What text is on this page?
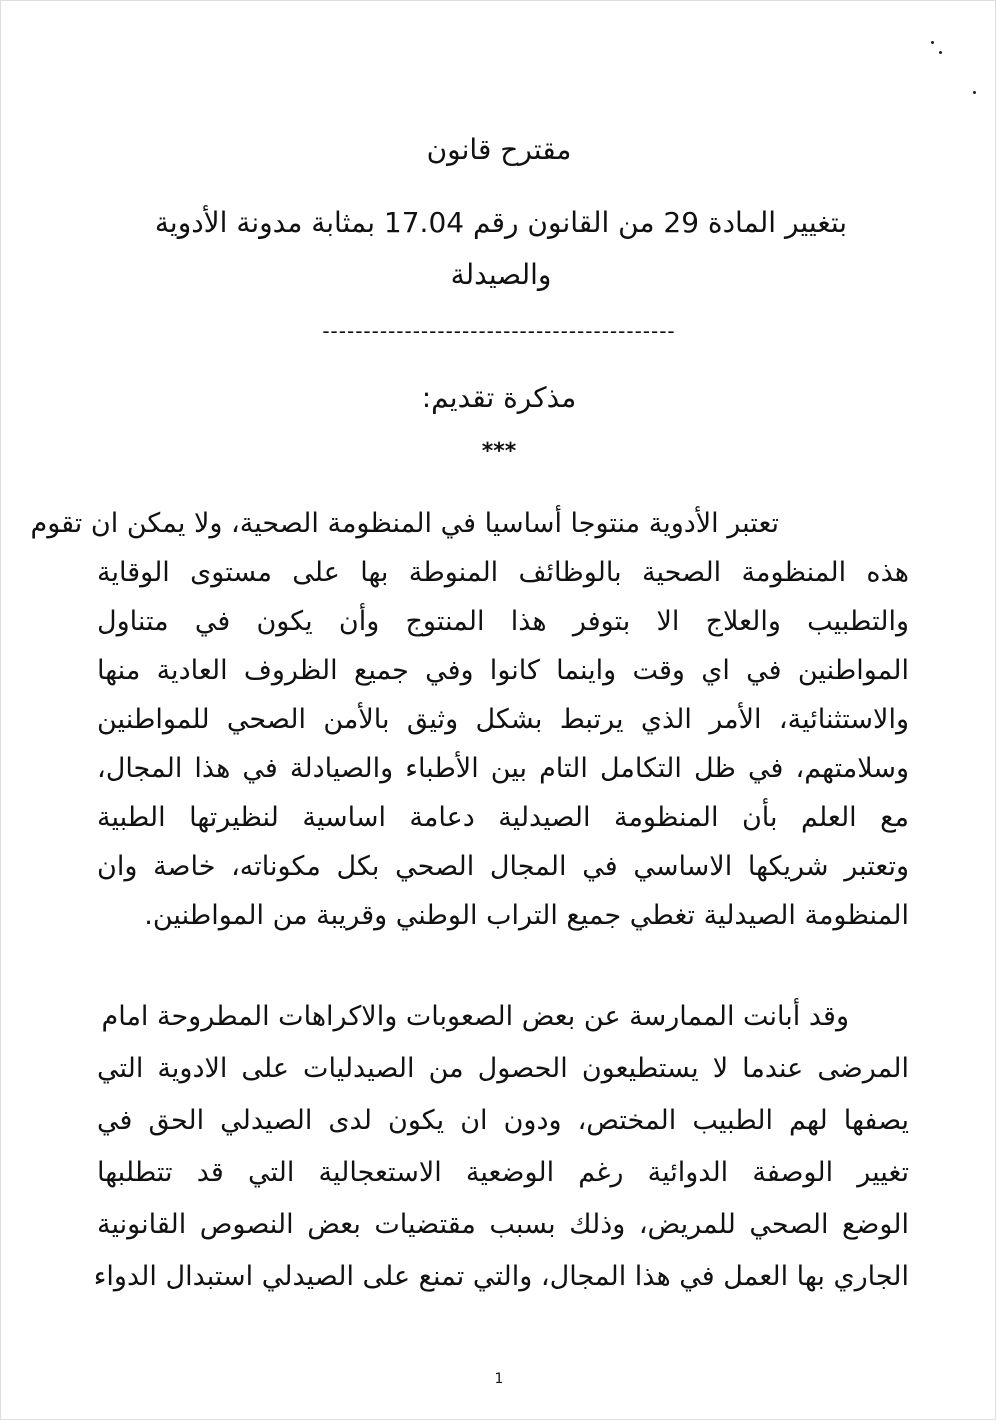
مقترح قانون
بتغيير المادة 29 من القانون رقم 17.04 بمثابة مدونة الأدوية والصيدلة
-------------------------------------------
مذكرة تقديم:
***
تعتبر الأدوية منتوجا أساسيا في المنظومة الصحية، ولا يمكن ان تقوم
هذه المنظومة الصحية بالوظائف المنوطة بها على مستوى الوقاية
والتطبيب والعلاج الا بتوفر هذا المنتوج وأن يكون في متناول
المواطنين في اي وقت واينما كانوا وفي جميع الظروف العادية منها
والاستثنائية، الأمر الذي يرتبط بشكل وثيق بالأمن الصحي للمواطنين
وسلامتهم، في ظل التكامل التام بين الأطباء والصيادلة في هذا المجال،
مع العلم بأن المنظومة الصيدلية دعامة اساسية لنظيرتها الطبية
وتعتبر شريكها الاساسي في المجال الصحي بكل مكوناته، خاصة وان
المنظومة الصيدلية تغطي جميع التراب الوطني وقريبة من المواطنين.
وقد أبانت الممارسة عن بعض الصعوبات والاكراهات المطروحة امام
المرضى عندما لا يستطيعون الحصول من الصيدليات على الادوية التي
يصفها لهم الطبيب المختص، ودون ان يكون لدى الصيدلي الحق في
تغيير الوصفة الدوائية رغم الوضعية الاستعجالية التي قد تتطلبها
الوضع الصحي للمريض، وذلك بسبب مقتضيات بعض النصوص القانونية
الجاري بها العمل في هذا المجال، والتي تمنع على الصيدلي استبدال الدواء
1
